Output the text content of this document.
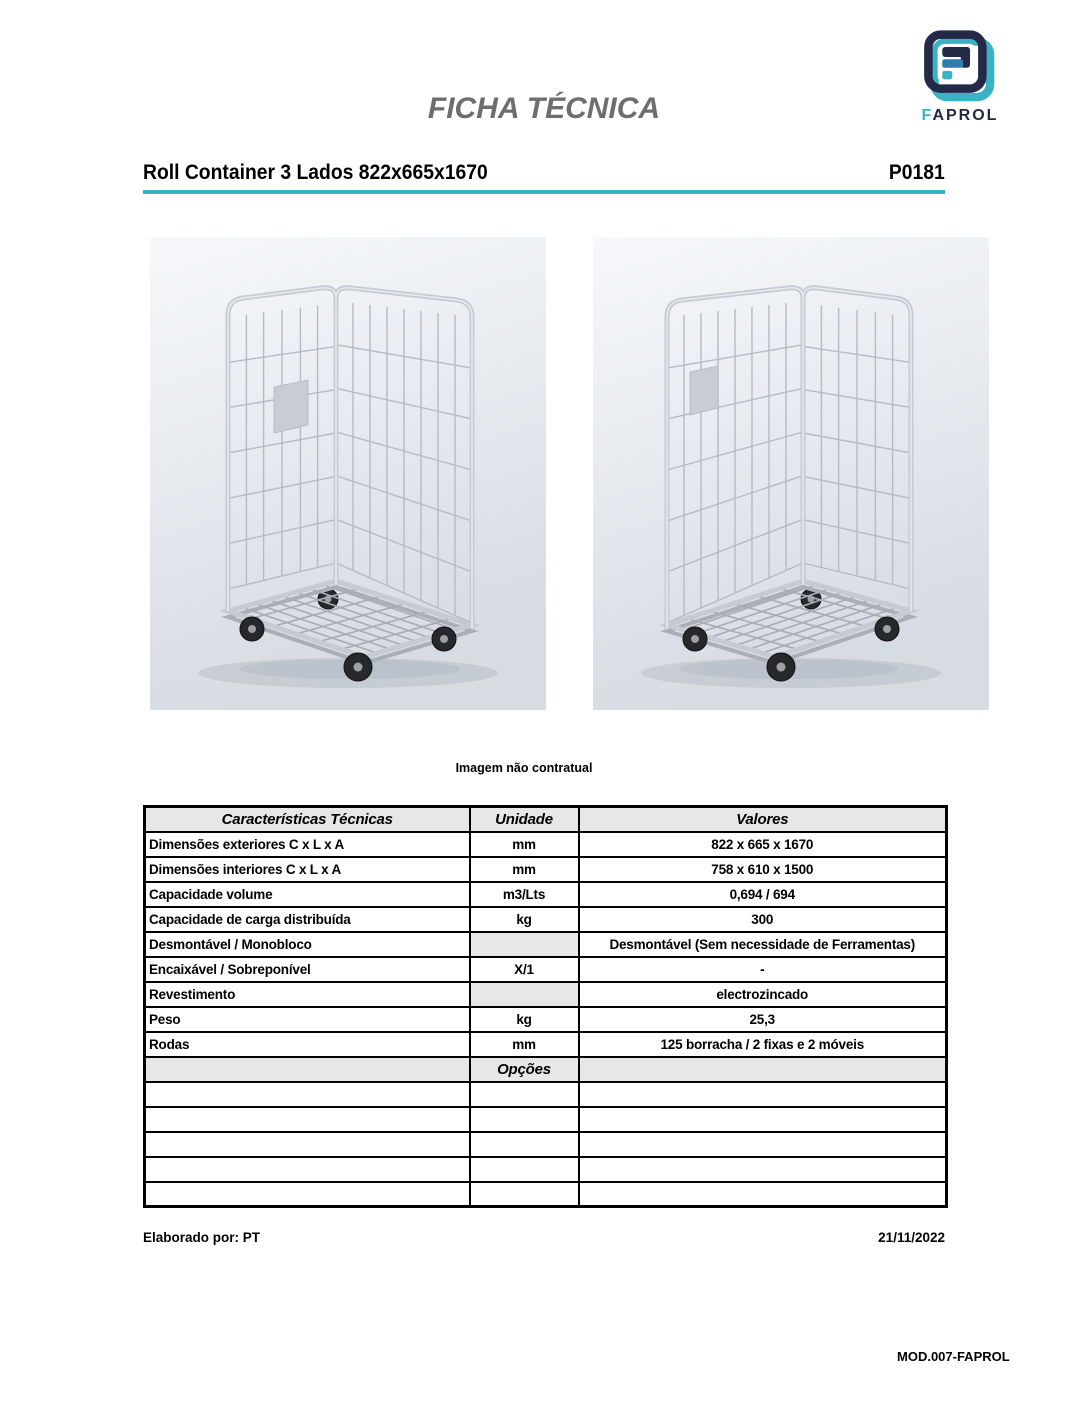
FICHA TÉCNICA	FAPROL
Roll Container 3 Lados 822x665x1670	P0181
Imagem não contratual
Características Técnicas	Unidade	Valores
Dimensões exteriores C x L x A	mm	822 x 665 x 1670
Dimensões interiores C x L x A	mm	758 x 610 x 1500
Capacidade volume	m3/Lts	0,694 / 694
Capacidade de carga distribuída	kg	300
Desmontável / Monobloco		Desmontável (Sem necessidade de Ferramentas)
Encaixável / Sobreponível	X/1	-
Revestimento		electrozincado
Peso	kg	25,3
Rodas	mm	125 borracha / 2 fixas e 2 móveis
	Opções	

Elaborado por: PT	21/11/2022
MOD.007-FAPROL
